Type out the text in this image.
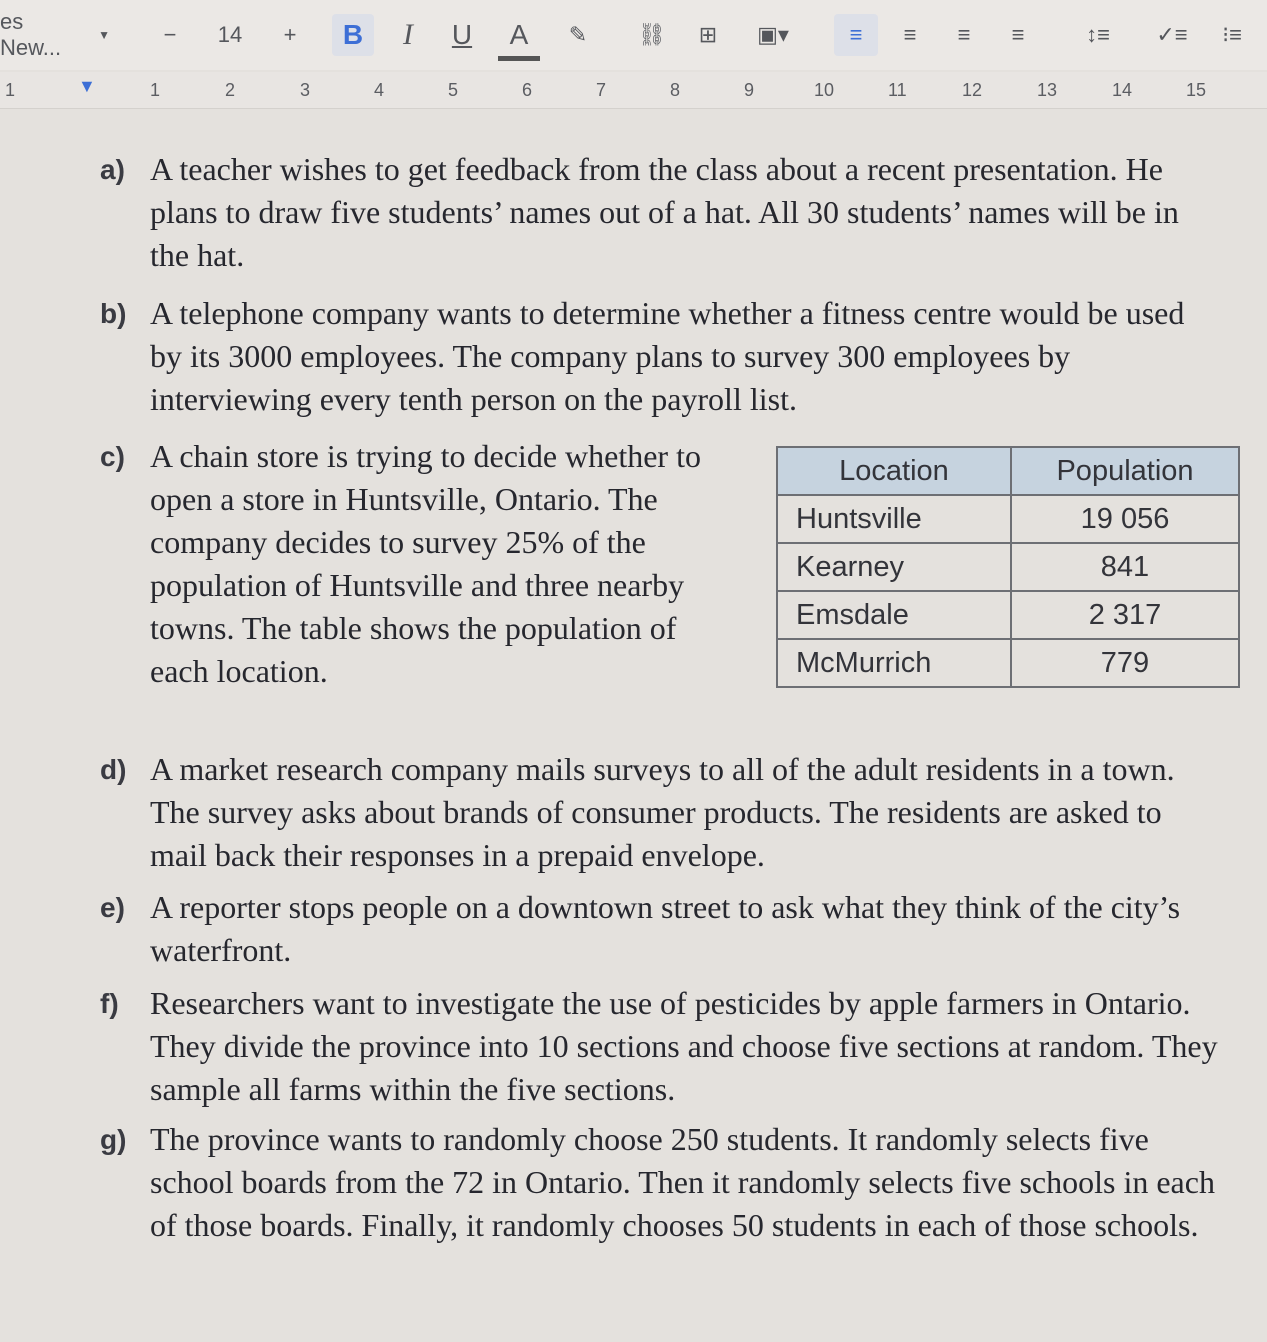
es New...	▼	−	14	+	B	I	U	A	✎	⛓	⊞	▣▾	≡	≡	≡	≡	↕≡	✓≡	⁝≡
1	▼	1	2	3	4	5	6	7	8	9	10	11	12	13	14	15
a) A teacher wishes to get feedback from the class about a recent presentation. He plans to draw five students’ names out of a hat. All 30 students’ names will be in the hat.
b) A telephone company wants to determine whether a fitness centre would be used by its 3000 employees. The company plans to survey 300 employees by interviewing every tenth person on the payroll list.
c) A chain store is trying to decide whether to open a store in Huntsville, Ontario. The company decides to survey 25% of the population of Huntsville and three nearby towns. The table shows the population of each location.
Location	Population
Huntsville	19 056
Kearney	841
Emsdale	2 317
McMurrich	779
d) A market research company mails surveys to all of the adult residents in a town. The survey asks about brands of consumer products. The residents are asked to mail back their responses in a prepaid envelope.
e) A reporter stops people on a downtown street to ask what they think of the city’s waterfront.
f) Researchers want to investigate the use of pesticides by apple farmers in Ontario. They divide the province into 10 sections and choose five sections at random. They sample all farms within the five sections.
g) The province wants to randomly choose 250 students. It randomly selects five school boards from the 72 in Ontario. Then it randomly selects five schools in each of those boards. Finally, it randomly chooses 50 students in each of those schools.
